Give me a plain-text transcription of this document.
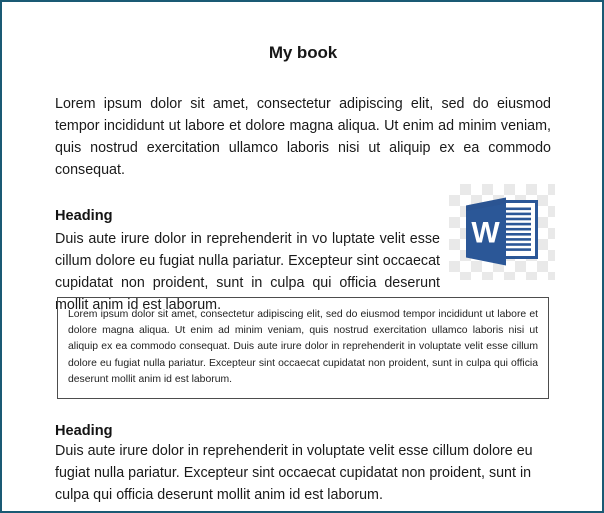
My book

Lorem ipsum dolor sit amet, consectetur adipiscing elit, sed do eiusmod tempor incididunt ut labore et dolore magna aliqua. Ut enim ad minim veniam, quis nostrud exercitation ullamco laboris nisi ut aliquip ex ea commodo consequat.

Heading

Duis aute irure dolor in reprehenderit in vo luptate velit esse cillum dolore eu fugiat nulla pariatur. Excepteur sint occaecat cupidatat non proident, sunt in culpa qui officia deserunt mollit anim id est laborum.

W

Lorem ipsum dolor sit amet, consectetur adipiscing elit, sed do eiusmod tempor incididunt ut labore et dolore magna aliqua. Ut enim ad minim veniam, quis nostrud exercitation ullamco laboris nisi ut aliquip ex ea commodo consequat. Duis aute irure dolor in reprehenderit in voluptate velit esse cillum dolore eu fugiat nulla pariatur. Excepteur sint occaecat cupidatat non proident, sunt in culpa qui officia deserunt mollit anim id est laborum.

Heading

Duis aute irure dolor in reprehenderit in voluptate velit esse cillum dolore eu fugiat nulla pariatur. Excepteur sint occaecat cupidatat non proident, sunt in culpa qui officia deserunt mollit anim id est laborum.
